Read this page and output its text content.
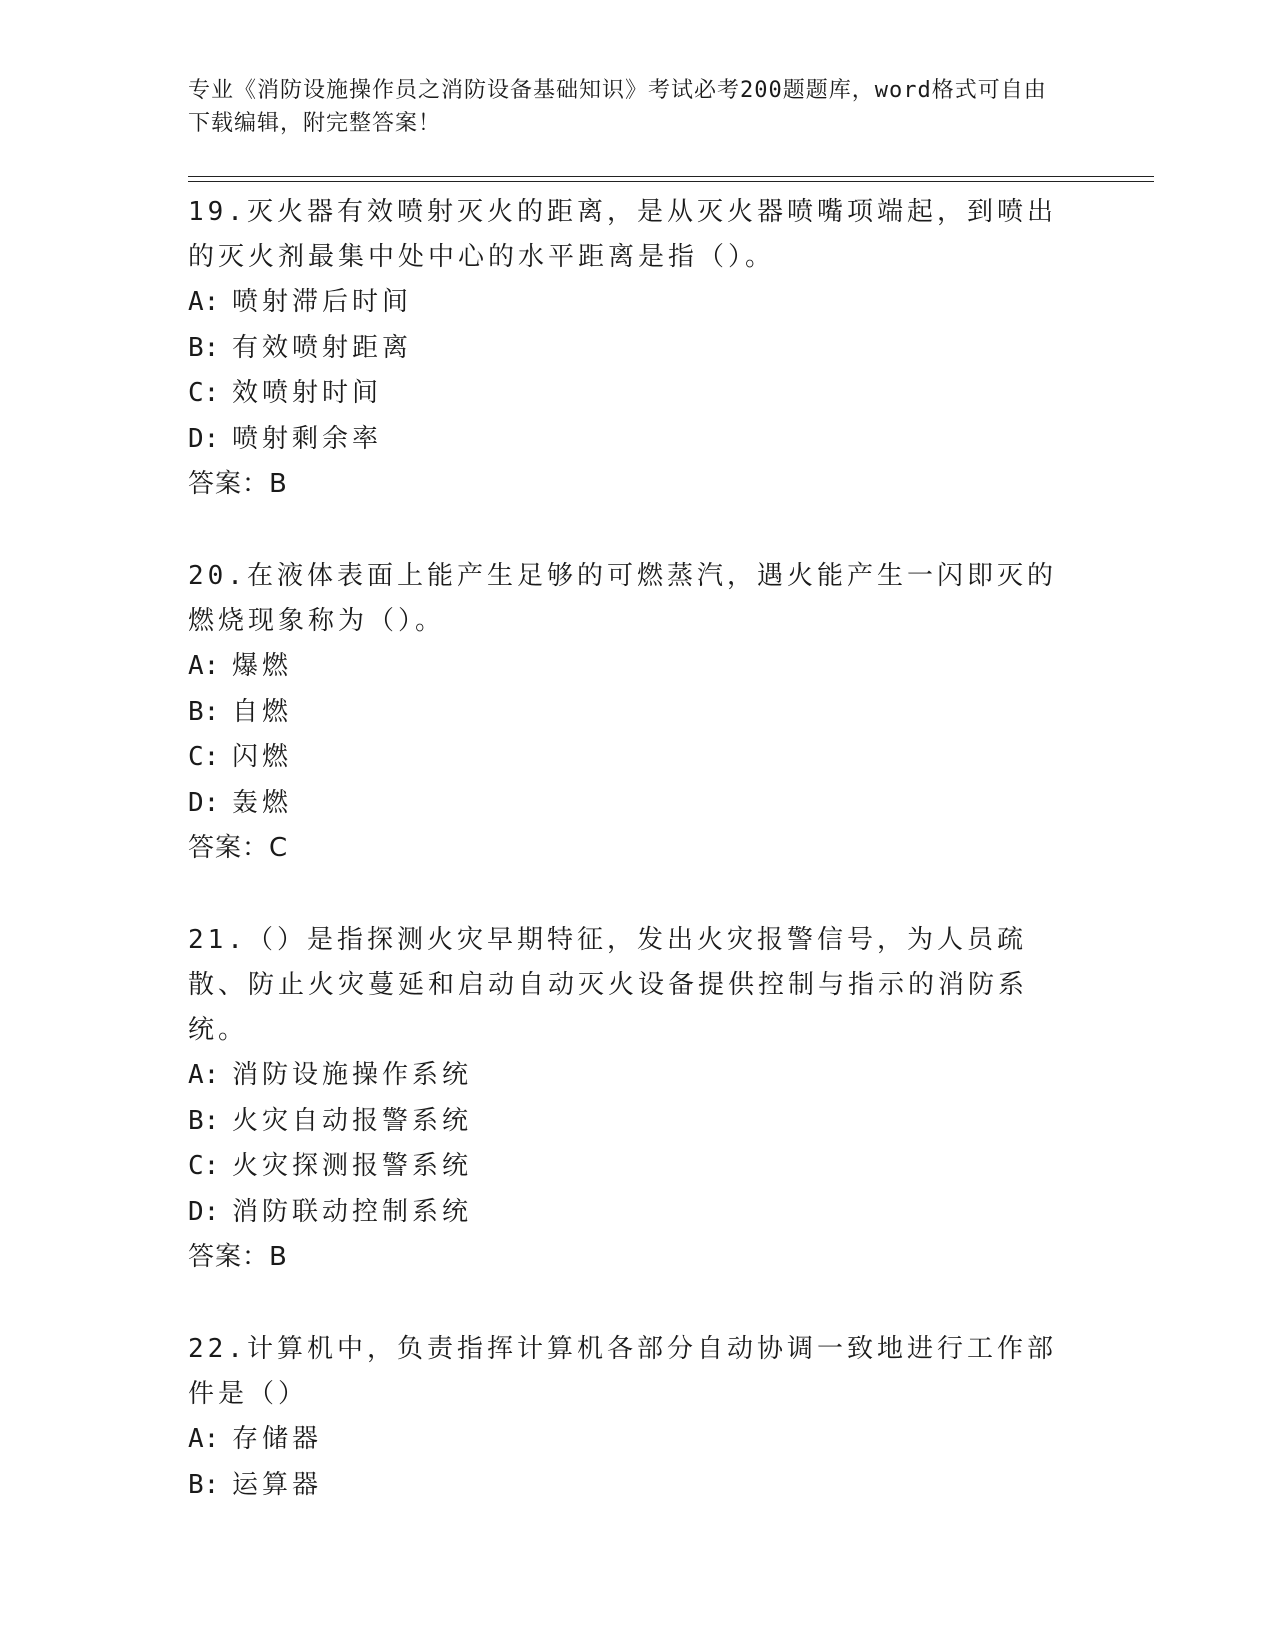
专业《消防设施操作员之消防设备基础知识》考试必考200题题库，word格式可自由下载编辑，附完整答案！

19.灭火器有效喷射灭火的距离，是从灭火器喷嘴项端起，到喷出的灭火剂最集中处中心的水平距离是指（）。

A: 喷射滞后时间

B: 有效喷射距离

C: 效喷射时间

D: 喷射剩余率

答案：B

20.在液体表面上能产生足够的可燃蒸汽，遇火能产生一闪即灭的燃烧现象称为（）。

A: 爆燃

B: 自燃

C: 闪燃

D: 轰燃

答案：C

21.（）是指探测火灾早期特征，发出火灾报警信号，为人员疏散、防止火灾蔓延和启动自动灭火设备提供控制与指示的消防系统。

A: 消防设施操作系统

B: 火灾自动报警系统

C: 火灾探测报警系统

D: 消防联动控制系统

答案：B

22.计算机中，负责指挥计算机各部分自动协调一致地进行工作部件是（）

A: 存储器

B: 运算器
